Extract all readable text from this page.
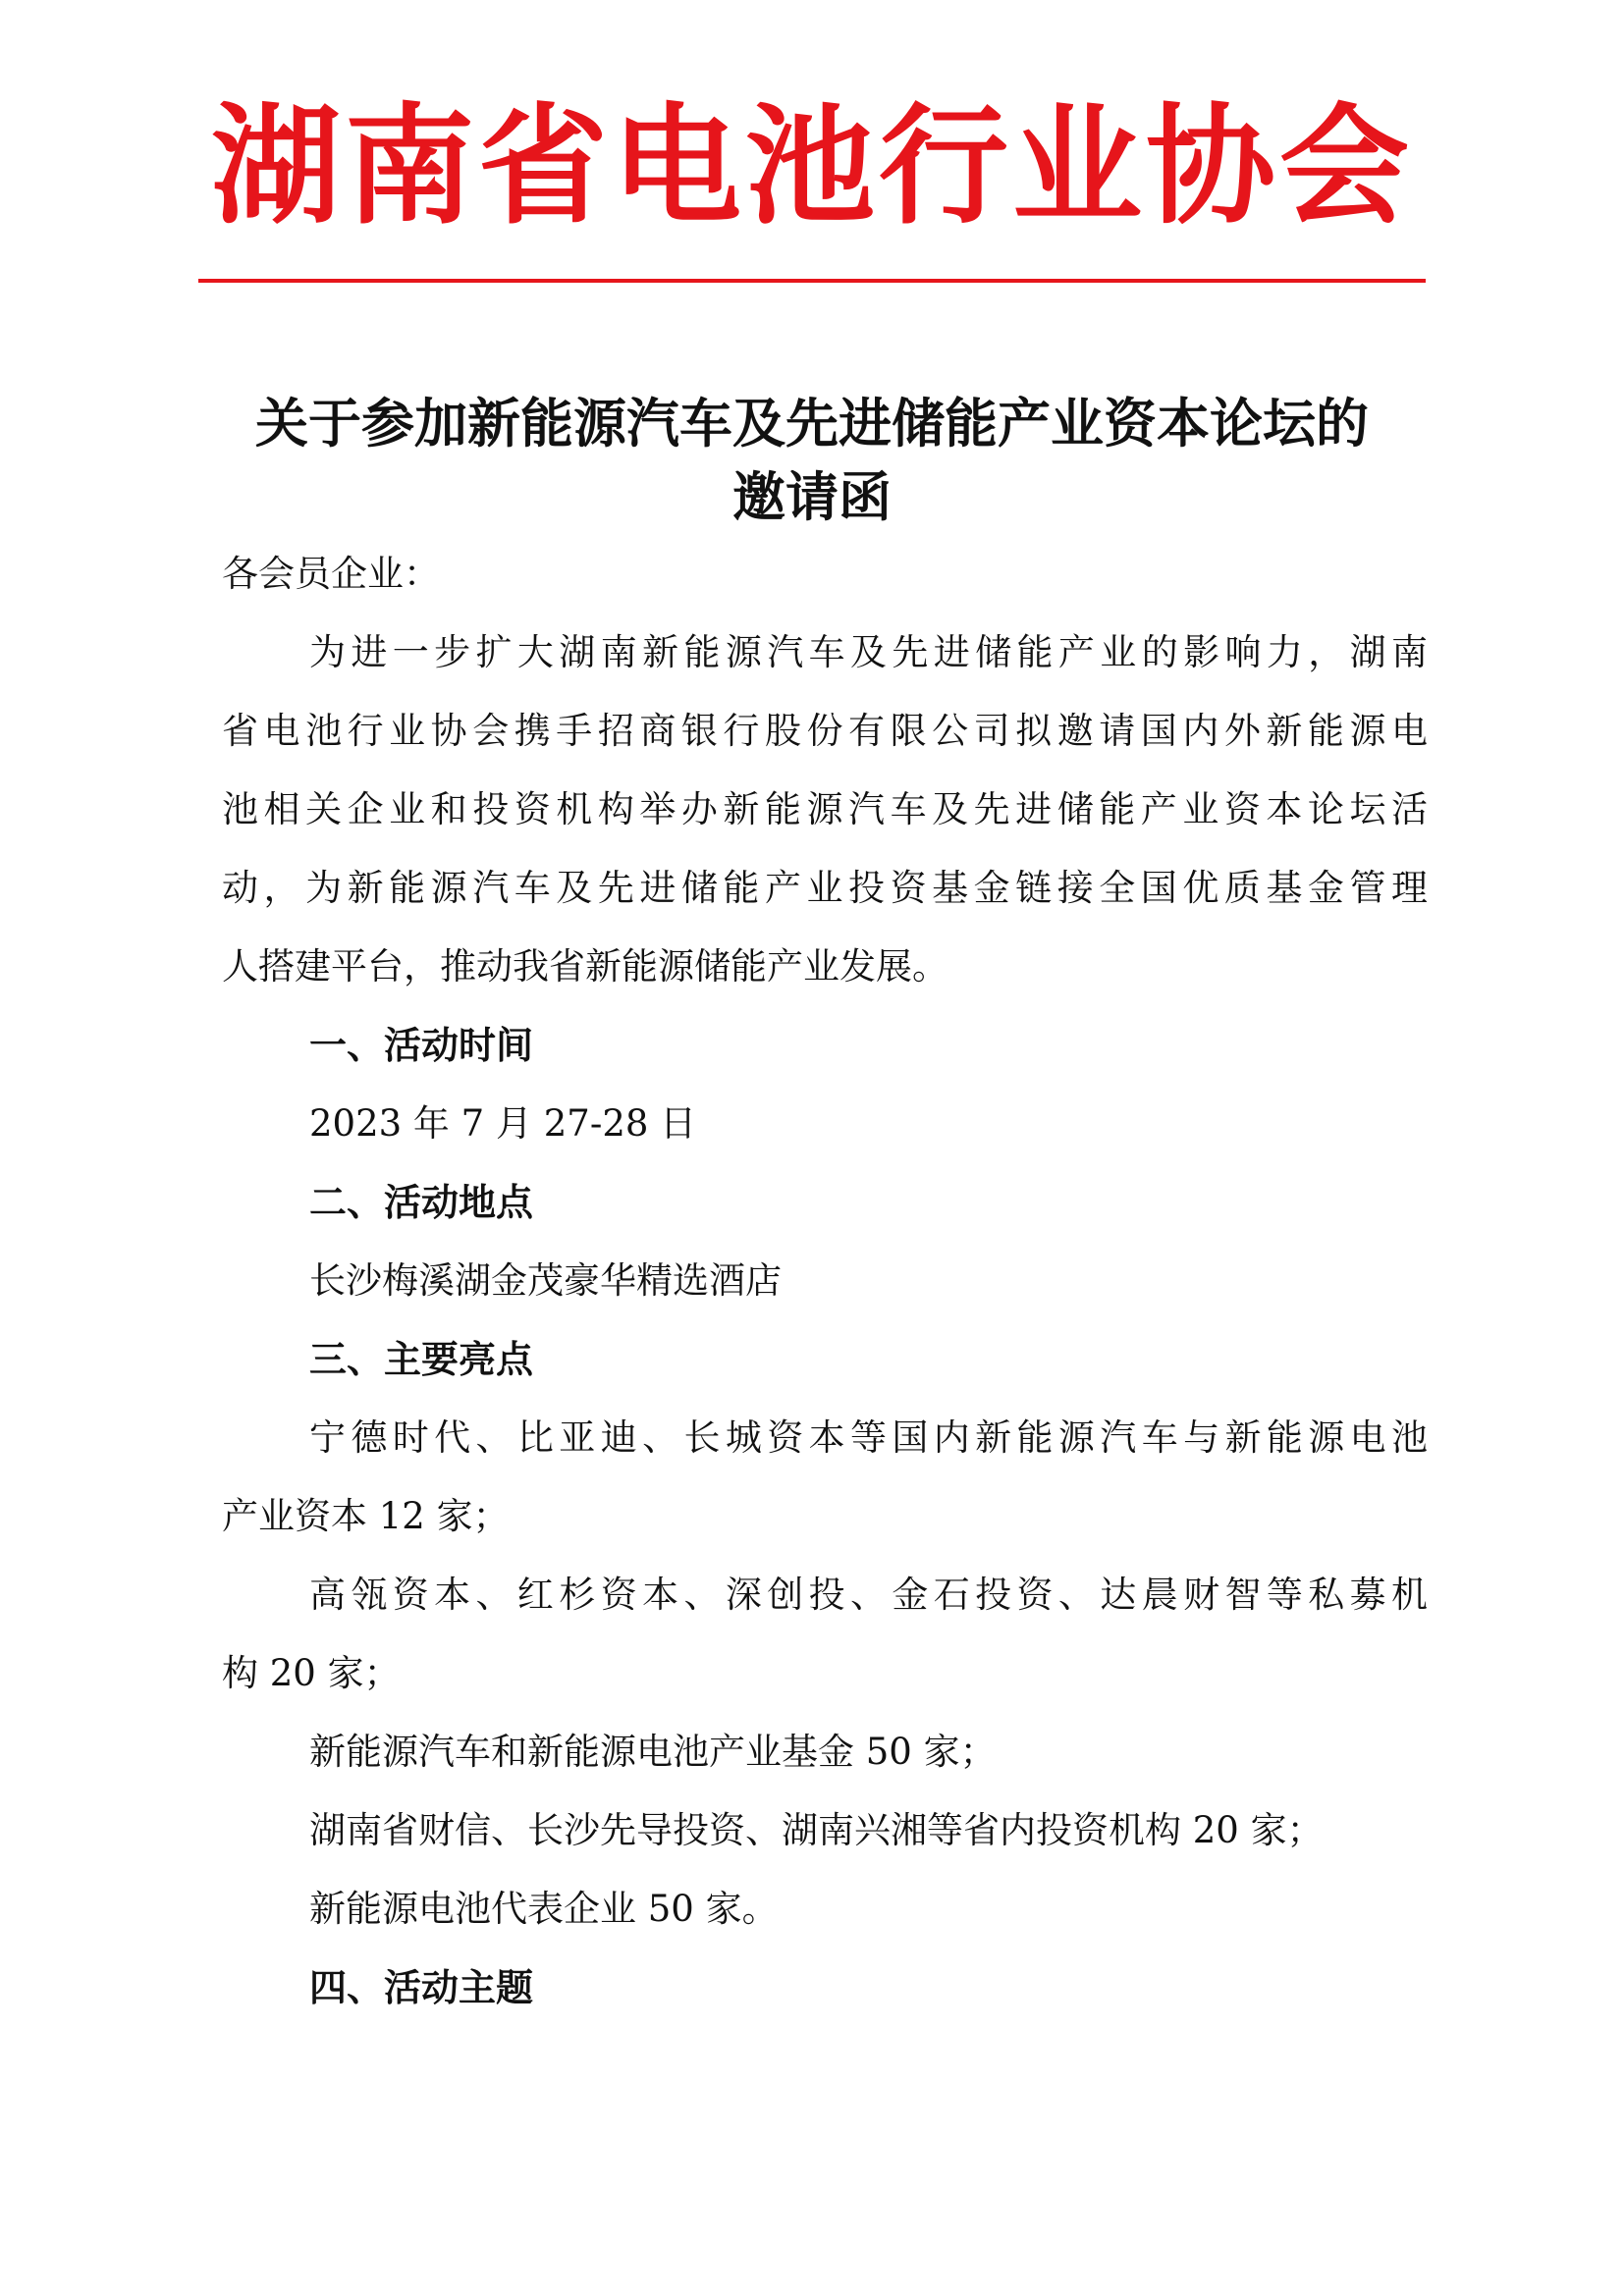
湖南省电池行业协会
关于参加新能源汽车及先进储能产业资本论坛的
邀请函
各会员企业：
为进一步扩大湖南新能源汽车及先进储能产业的影响力，湖南
省电池行业协会携手招商银行股份有限公司拟邀请国内外新能源电
池相关企业和投资机构举办新能源汽车及先进储能产业资本论坛活
动，为新能源汽车及先进储能产业投资基金链接全国优质基金管理
人搭建平台，推动我省新能源储能产业发展。
一、活动时间
2023 年 7 月 27-28 日
二、活动地点
长沙梅溪湖金茂豪华精选酒店
三、主要亮点
宁德时代、比亚迪、长城资本等国内新能源汽车与新能源电池
产业资本 12 家；
高瓴资本、红杉资本、深创投、金石投资、达晨财智等私募机
构 20 家；
新能源汽车和新能源电池产业基金 50 家；
湖南省财信、长沙先导投资、湖南兴湘等省内投资机构 20 家；
新能源电池代表企业 50 家。
四、活动主题
